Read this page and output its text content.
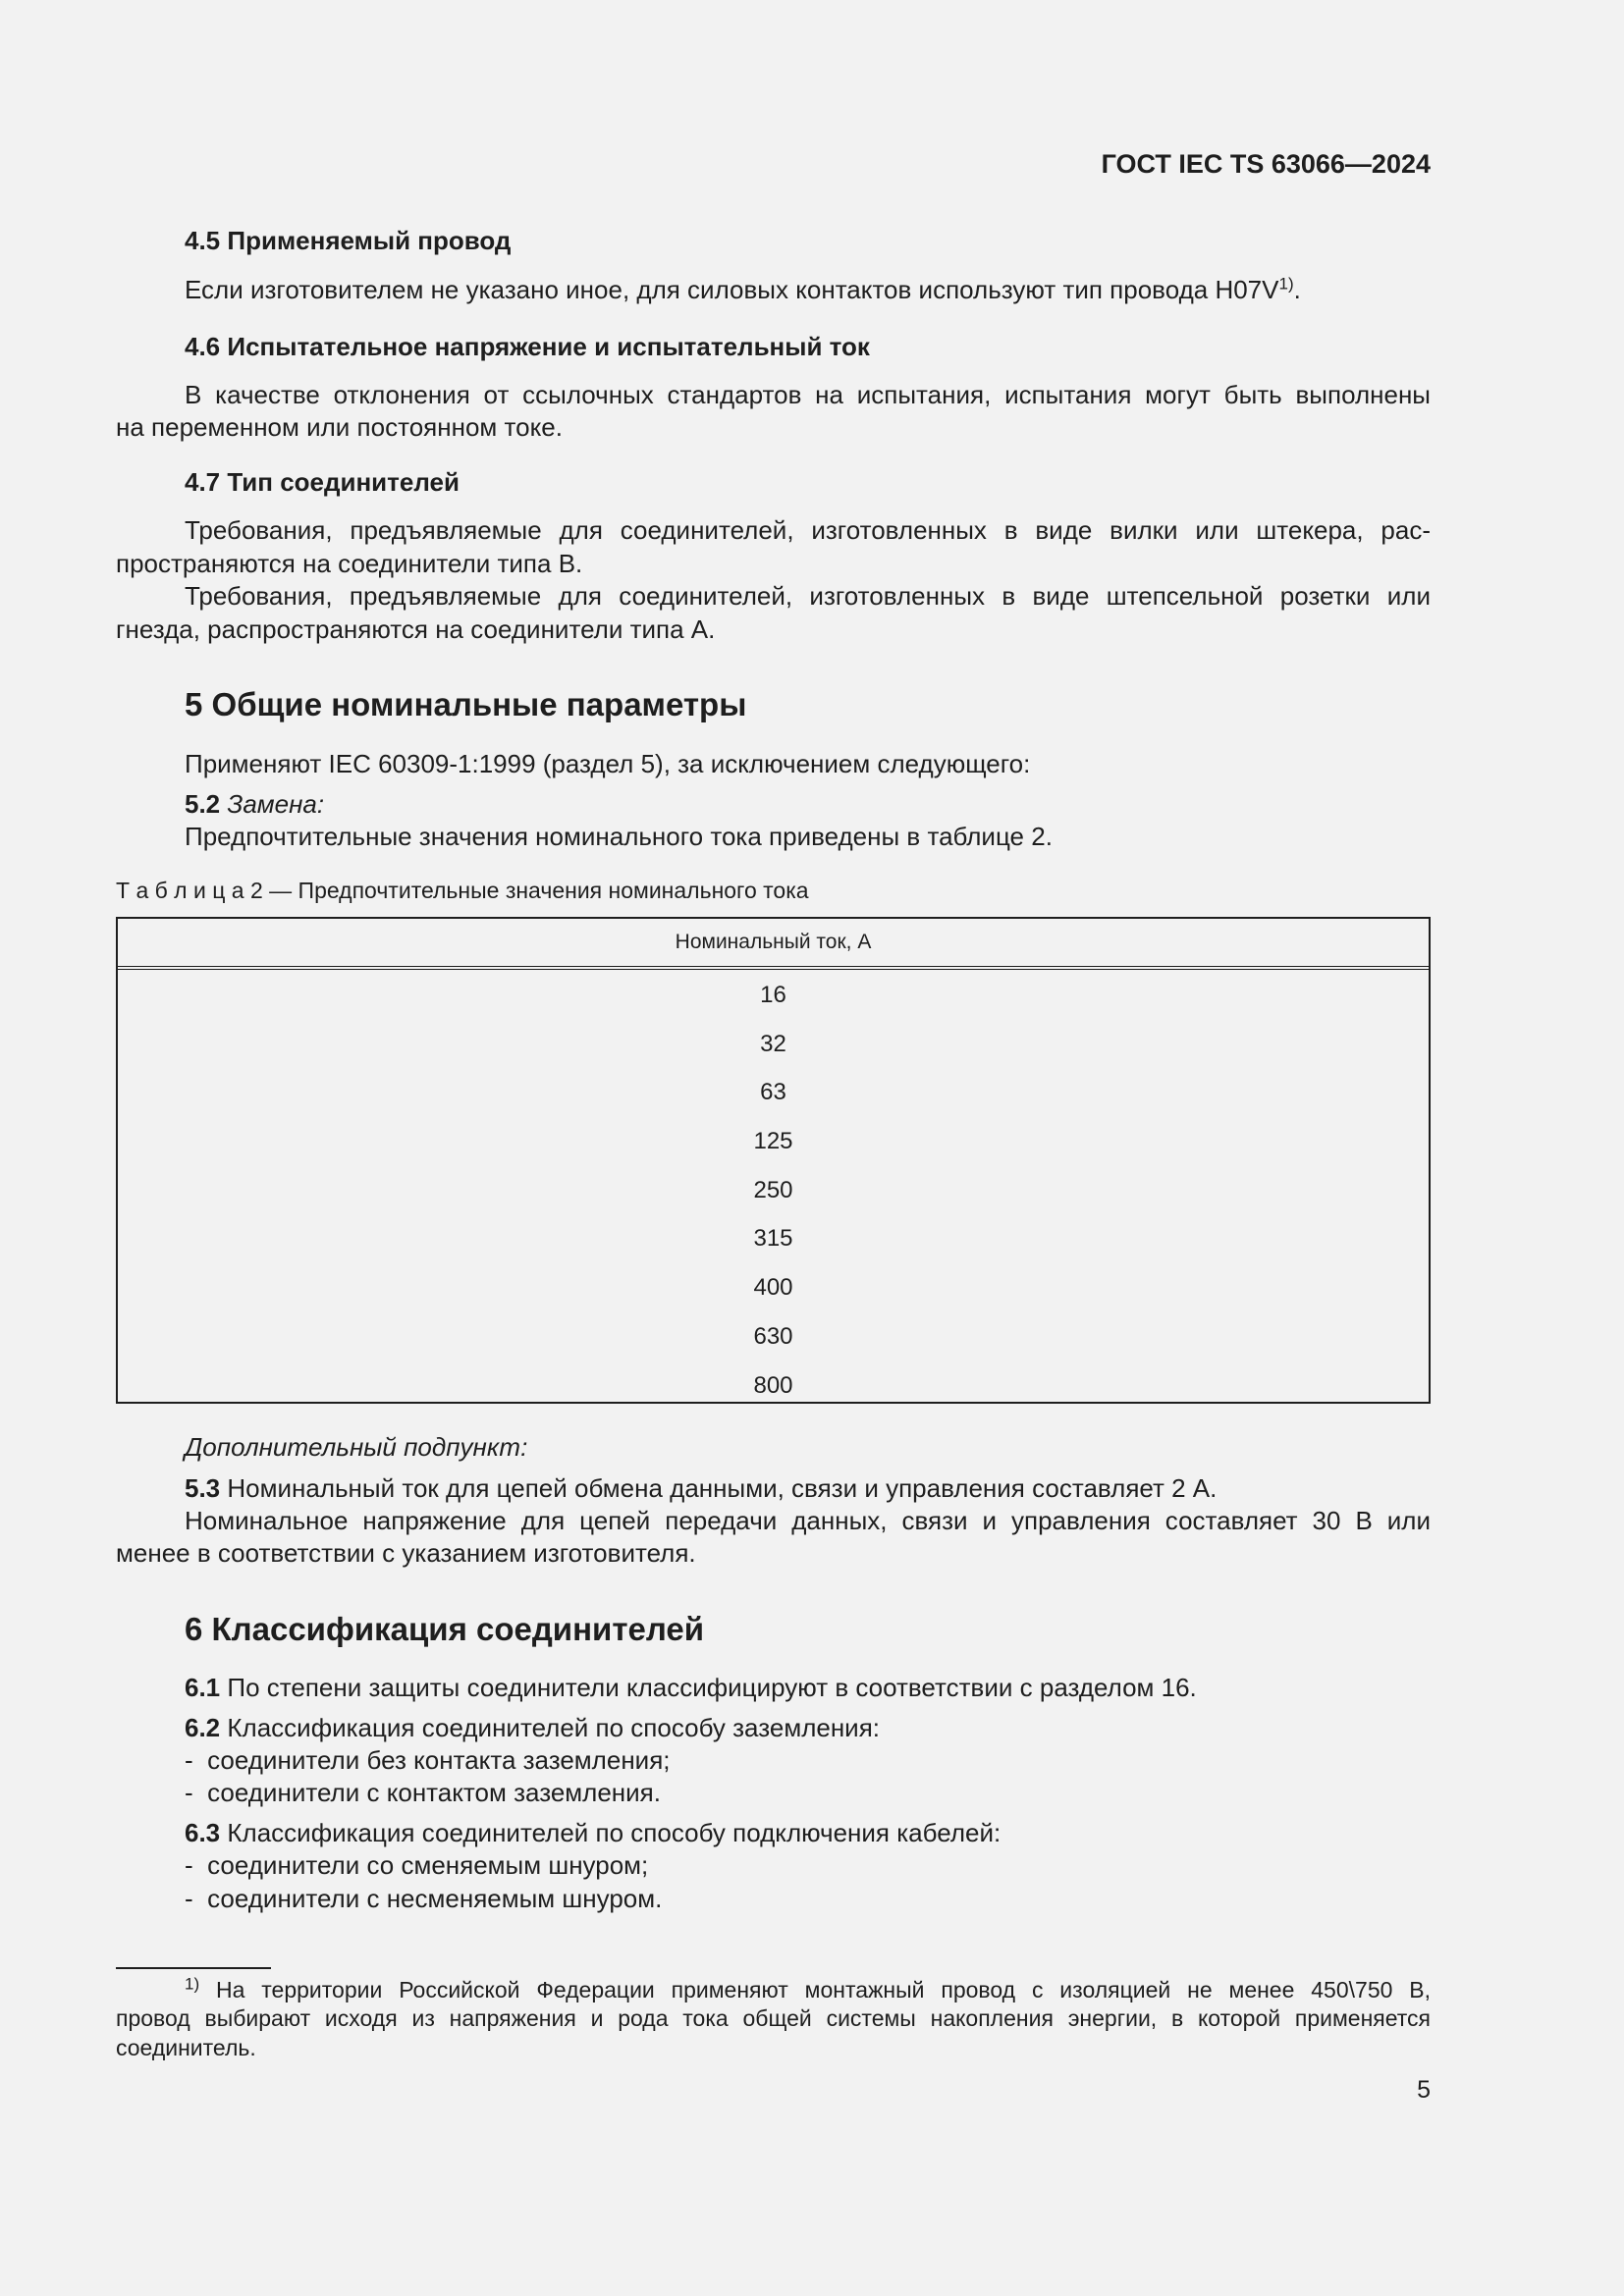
ГОСТ IEC TS 63066—2024
4.5 Применяемый провод
Если изготовителем не указано иное, для силовых контактов используют тип провода $H07V^{1)}$.
4.6 Испытательное напряжение и испытательный ток
В качестве отклонения от ссылочных стандартов на испытания, испытания могут быть выполнены
на переменном или постоянном токе.
4.7 Тип соединителей
Требования, предъявляемые для соединителей, изготовленных в виде вилки или штекера, рас-
пространяются на соединители типа B.
Требования, предъявляемые для соединителей, изготовленных в виде штепсельной розетки или
гнезда, распространяются на соединители типа А.
5 Общие номинальные параметры
Применяют IEC 60309-1:1999 (раздел 5), за исключением следующего:
5.2 Замена:
Предпочтительные значения номинального тока приведены в таблице 2.
Т а б л и ц а 2 — Предпочтительные значения номинального тока
Номинальный ток, А
16
32
63
125
250
315
400
630
800
Дополнительный подпункт:
5.3 Номинальный ток для цепей обмена данными, связи и управления составляет 2 А.
Номинальное напряжение для цепей передачи данных, связи и управления составляет 30 В или
менее в соответствии с указанием изготовителя.
6 Классификация соединителей
6.1 По степени защиты соединители классифицируют в соответствии с разделом 16.
6.2 Классификация соединителей по способу заземления:
- соединители без контакта заземления;
- соединители с контактом заземления.
6.3 Классификация соединителей по способу подключения кабелей:
- соединители со сменяемым шнуром;
- соединители с несменяемым шнуром.
$^{1)}$ На территории Российской Федерации применяют монтажный провод с изоляцией не менее 450\750 В,
провод выбирают исходя из напряжения и рода тока общей системы накопления энергии, в которой применяется
соединитель.
5
